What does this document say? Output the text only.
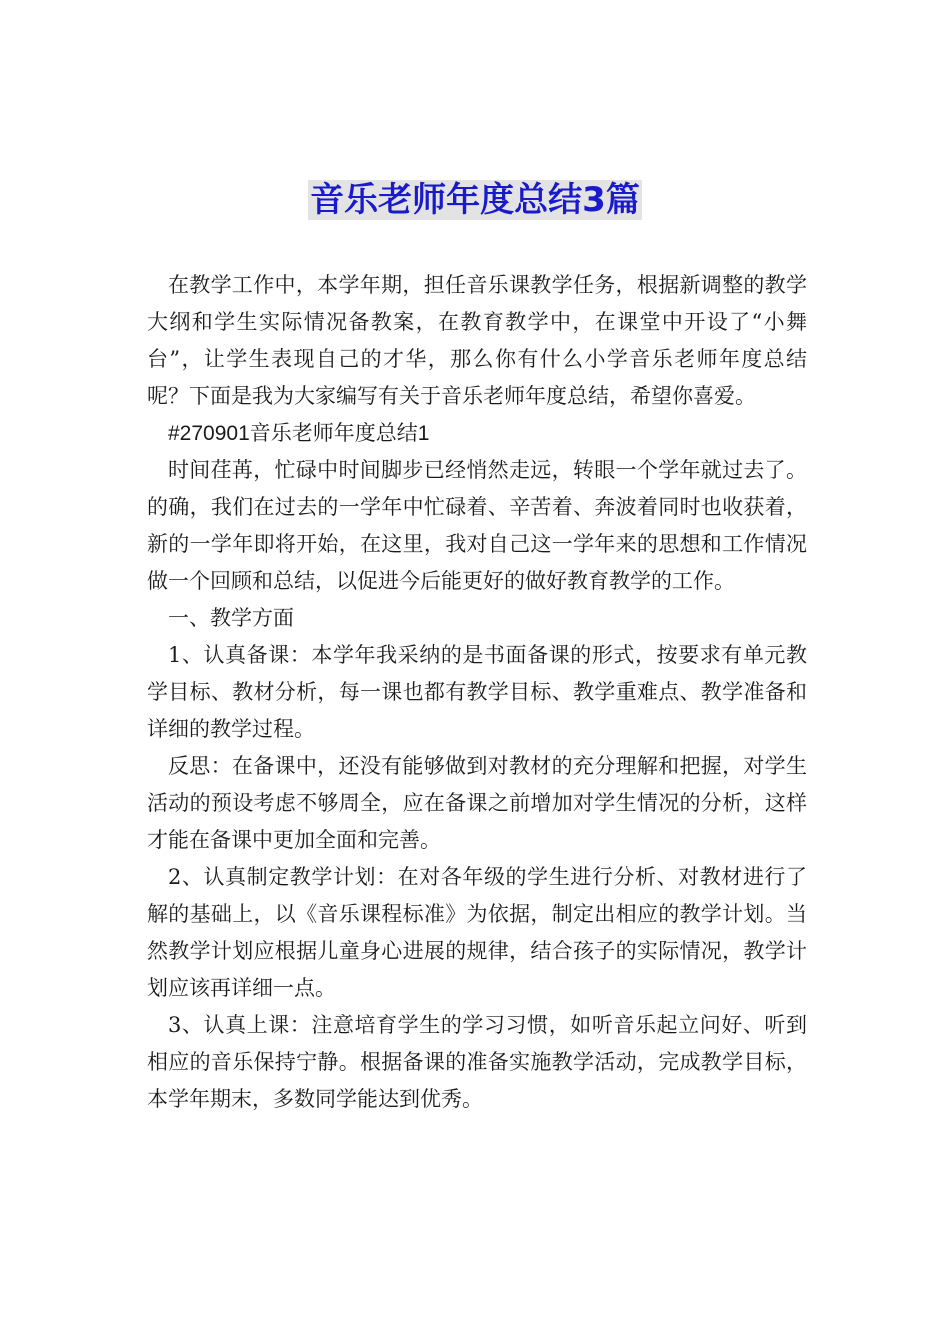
音乐老师年度总结3篇

在教学工作中，本学年期，担任音乐课教学任务，根据新调整的教学大纲和学生实际情况备教案，在教育教学中，在课堂中开设了“小舞台”，让学生表现自己的才华，那么你有什么小学音乐老师年度总结呢？下面是我为大家编写有关于音乐老师年度总结，希望你喜爱。

#270901音乐老师年度总结1

时间荏苒，忙碌中时间脚步已经悄然走远，转眼一个学年就过去了。的确，我们在过去的一学年中忙碌着、辛苦着、奔波着同时也收获着，新的一学年即将开始，在这里，我对自己这一学年来的思想和工作情况做一个回顾和总结，以促进今后能更好的做好教育教学的工作。

一、教学方面

1、认真备课：本学年我采纳的是书面备课的形式，按要求有单元教学目标、教材分析，每一课也都有教学目标、教学重难点、教学准备和详细的教学过程。

反思：在备课中，还没有能够做到对教材的充分理解和把握，对学生活动的预设考虑不够周全，应在备课之前增加对学生情况的分析，这样才能在备课中更加全面和完善。

2、认真制定教学计划：在对各年级的学生进行分析、对教材进行了解的基础上，以《音乐课程标准》为依据，制定出相应的教学计划。当然教学计划应根据儿童身心进展的规律，结合孩子的实际情况，教学计划应该再详细一点。

3、认真上课：注意培育学生的学习习惯，如听音乐起立问好、听到相应的音乐保持宁静。根据备课的准备实施教学活动，完成教学目标，本学年期末，多数同学能达到优秀。
